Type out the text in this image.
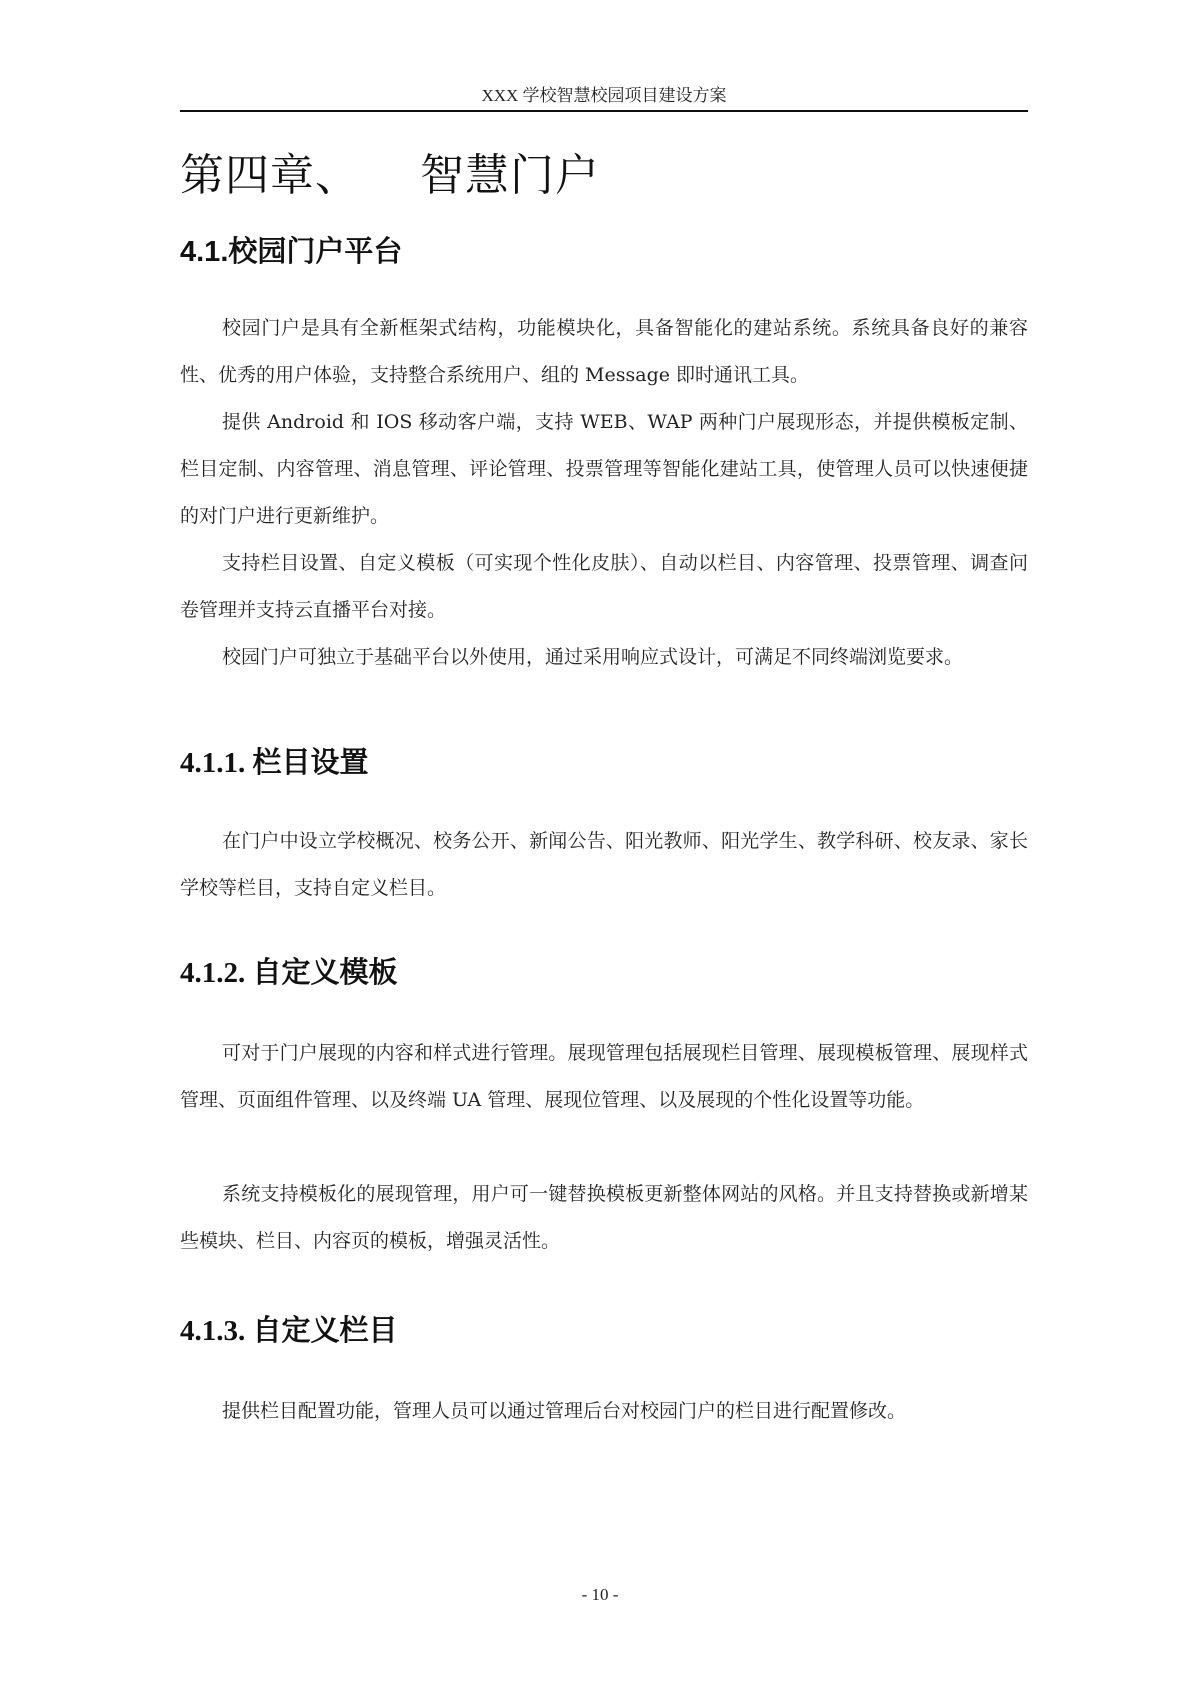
XXX 学校智慧校园项目建设方案
第四章、    智慧门户
4.1.校园门户平台

校园门户是具有全新框架式结构，功能模块化，具备智能化的建站系统。系统具备良好的兼容性、优秀的用户体验，支持整合系统用户、组的 Message 即时通讯工具。

提供 Android 和 IOS 移动客户端，支持 WEB、WAP 两种门户展现形态，并提供模板定制、栏目定制、内容管理、消息管理、评论管理、投票管理等智能化建站工具，使管理人员可以快速便捷的对门户进行更新维护。

支持栏目设置、自定义模板（可实现个性化皮肤）、自动以栏目、内容管理、投票管理、调查问卷管理并支持云直播平台对接。

校园门户可独立于基础平台以外使用，通过采用响应式设计，可满足不同终端浏览要求。

4.1.1. 栏目设置

在门户中设立学校概况、校务公开、新闻公告、阳光教师、阳光学生、教学科研、校友录、家长学校等栏目，支持自定义栏目。

4.1.2. 自定义模板

可对于门户展现的内容和样式进行管理。展现管理包括展现栏目管理、展现模板管理、展现样式管理、页面组件管理、以及终端 UA 管理、展现位管理、以及展现的个性化设置等功能。

系统支持模板化的展现管理，用户可一键替换模板更新整体网站的风格。并且支持替换或新增某些模块、栏目、内容页的模板，增强灵活性。

4.1.3. 自定义栏目

提供栏目配置功能，管理人员可以通过管理后台对校园门户的栏目进行配置修改。

- 10 -
